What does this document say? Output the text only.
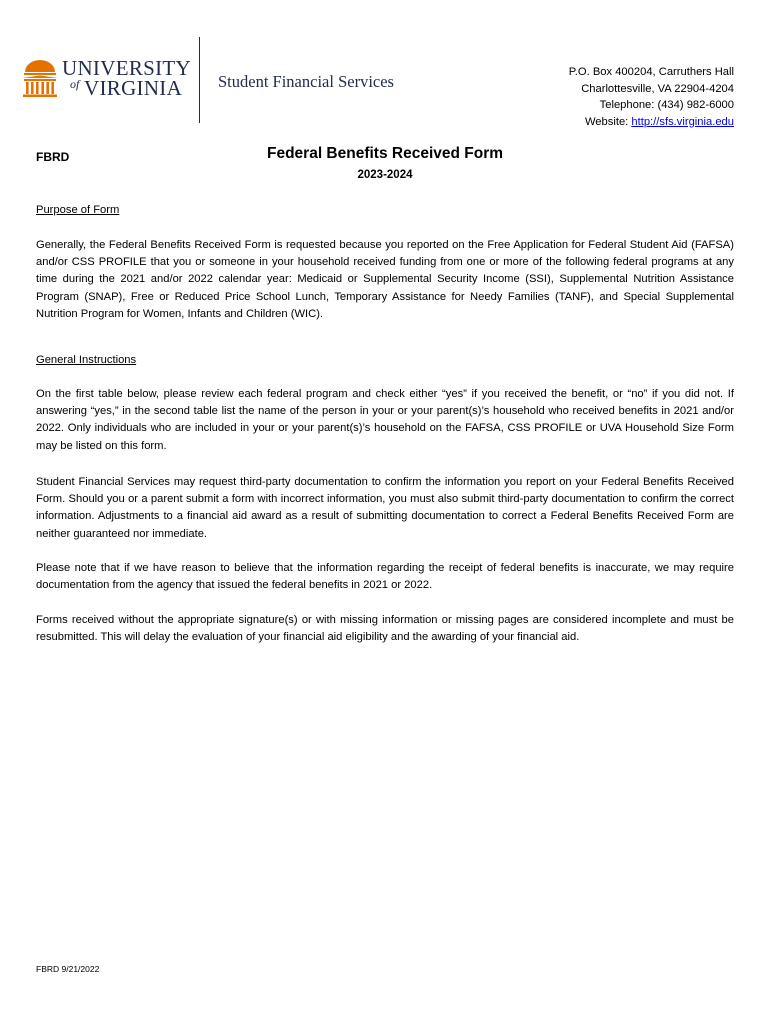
UNIVERSITY
of VIRGINIA Student Financial Services	P.O. Box 400204, Carruthers Hall
Charlottesville, VA 22904-4204
Telephone: (434) 982-6000
Website: http://sfs.virginia.edu
FBRD	Federal Benefits Received Form
2023-2024
Purpose of Form
Generally, the Federal Benefits Received Form is requested because you reported on the Free Application for Federal Student Aid (FAFSA) and/or CSS PROFILE that you or someone in your household received funding from one or more of the following federal programs at any time during the 2021 and/or 2022 calendar year: Medicaid or Supplemental Security Income (SSI), Supplemental Nutrition Assistance Program (SNAP), Free or Reduced Price School Lunch, Temporary Assistance for Needy Families (TANF), and Special Supplemental Nutrition Program for Women, Infants and Children (WIC).
General Instructions
On the first table below, please review each federal program and check either “yes” if you received the benefit, or “no” if you did not. If answering “yes,” in the second table list the name of the person in your or your parent(s)’s household who received benefits in 2021 and/or 2022. Only individuals who are included in your or your parent(s)’s household on the FAFSA, CSS PROFILE or UVA Household Size Form may be listed on this form.
Student Financial Services may request third-party documentation to confirm the information you report on your Federal Benefits Received Form. Should you or a parent submit a form with incorrect information, you must also submit third-party documentation to confirm the correct information. Adjustments to a financial aid award as a result of submitting documentation to correct a Federal Benefits Received Form are neither guaranteed nor immediate.
Please note that if we have reason to believe that the information regarding the receipt of federal benefits is inaccurate, we may require documentation from the agency that issued the federal benefits in 2021 or 2022.
Forms received without the appropriate signature(s) or with missing information or missing pages are considered incomplete and must be resubmitted. This will delay the evaluation of your financial aid eligibility and the awarding of your financial aid.
FBRD 9/21/2022
